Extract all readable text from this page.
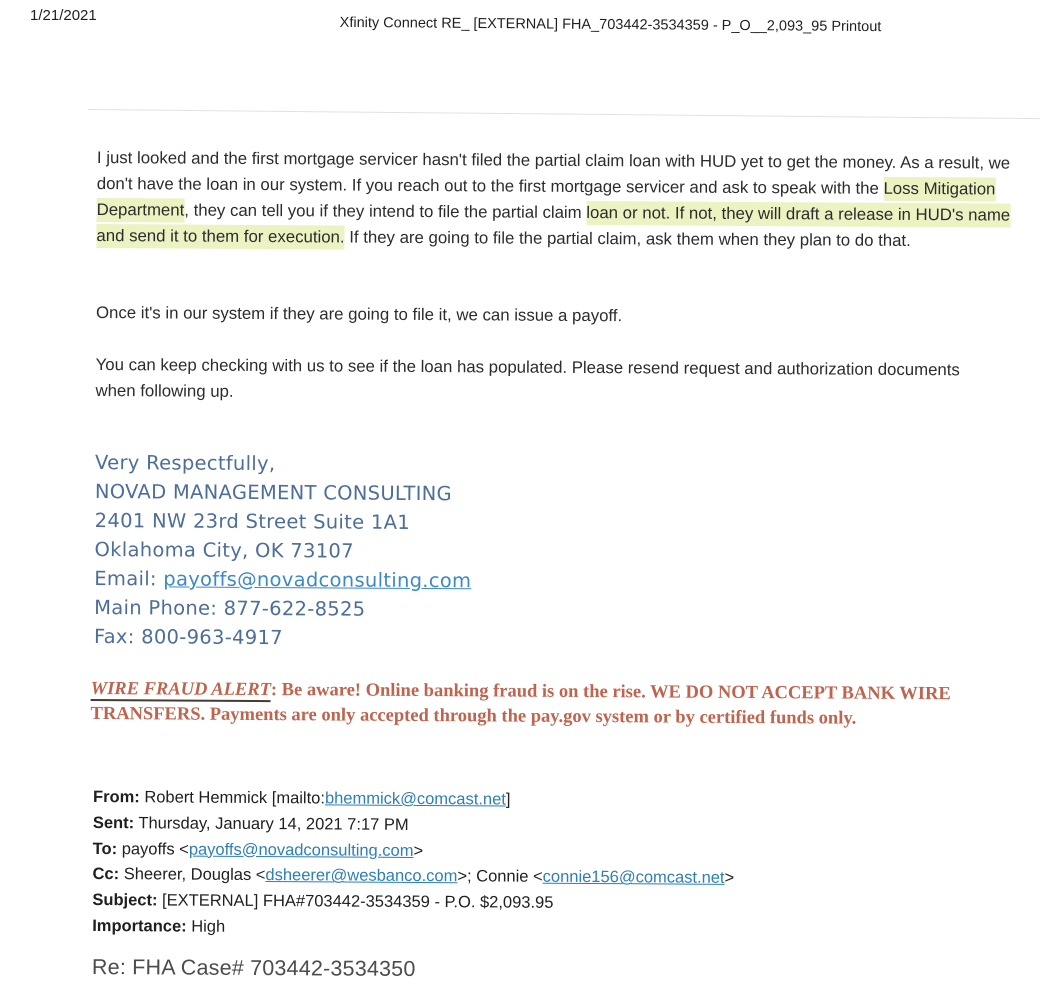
1/21/2021	Xfinity Connect RE_ [EXTERNAL] FHA_703442-3534359 - P_O__2,093_95 Printout
I just looked and the first mortgage servicer hasn't filed the partial claim loan with HUD yet to get the money. As a result, we don't have the loan in our system. If you reach out to the first mortgage servicer and ask to speak with the Loss Mitigation Department, they can tell you if they intend to file the partial claim loan or not. If not, they will draft a release in HUD's name and send it to them for execution. If they are going to file the partial claim, ask them when they plan to do that.
Once it's in our system if they are going to file it, we can issue a payoff.
You can keep checking with us to see if the loan has populated. Please resend request and authorization documents when following up.
Very Respectfully,
NOVAD MANAGEMENT CONSULTING
2401 NW 23rd Street Suite 1A1
Oklahoma City, OK 73107
Email: payoffs@novadconsulting.com
Main Phone: 877-622-8525
Fax: 800-963-4917
WIRE FRAUD ALERT: Be aware! Online banking fraud is on the rise. WE DO NOT ACCEPT BANK WIRE TRANSFERS. Payments are only accepted through the pay.gov system or by certified funds only.
From: Robert Hemmick [mailto:bhemmick@comcast.net]
Sent: Thursday, January 14, 2021 7:17 PM
To: payoffs <payoffs@novadconsulting.com>
Cc: Sheerer, Douglas <dsheerer@wesbanco.com>; Connie <connie156@comcast.net>
Subject: [EXTERNAL] FHA#703442-3534359 - P.O. $2,093.95
Importance: High
Re: FHA Case# 703442-3534350
